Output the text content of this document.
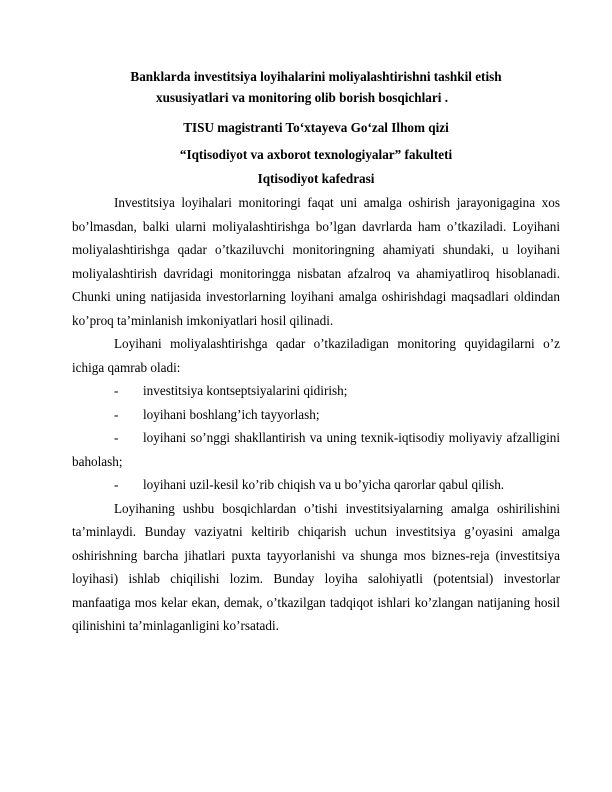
Banklarda investitsiya loyihalarini moliyalashtirishni tashkil etish
xususiyatlari va monitoring olib borish bosqichlari .

TISU magistranti To‘xtayeva Go‘zal Ilhom qizi

“Iqtisodiyot va axborot texnologiyalar” fakulteti

Iqtisodiyot kafedrasi

Investitsiya loyihalari monitoringi faqat uni amalga oshirish jarayonigagina xos bo’lmasdan, balki ularni moliyalashtirishga bo’lgan davrlarda ham o’tkaziladi. Loyihani moliyalashtirishga qadar o’tkaziluvchi monitoringning ahamiyati shundaki, u loyihani moliyalashtirish davridagi monitoringga nisbatan afzalroq va ahamiyatliroq hisoblanadi. Chunki uning natijasida investorlarning loyihani amalga oshirishdagi maqsadlari oldindan ko’proq ta’minlanish imkoniyatlari hosil qilinadi.

Loyihani moliyalashtirishga qadar o’tkaziladigan monitoring quyidagilarni o’z ichiga qamrab oladi:

- investitsiya kontseptsiyalarini qidirish;

- loyihani boshlang’ich tayyorlash;

- loyihani so’nggi shakllantirish va uning texnik-iqtisodiy moliyaviy afzalligini baholash;

- loyihani uzil-kesil ko’rib chiqish va u bo’yicha qarorlar qabul qilish.

Loyihaning ushbu bosqichlardan o’tishi investitsiyalarning amalga oshirilishini ta’minlaydi. Bunday vaziyatni keltirib chiqarish uchun investitsiya g’oyasini amalga oshirishning barcha jihatlari puxta tayyorlanishi va shunga mos biznes-reja (investitsiya loyihasi) ishlab chiqilishi lozim. Bunday loyiha salohiyatli (potentsial) investorlar manfaatiga mos kelar ekan, demak, o’tkazilgan tadqiqot ishlari ko’zlangan natijaning hosil qilinishini ta’minlaganligini ko’rsatadi.
